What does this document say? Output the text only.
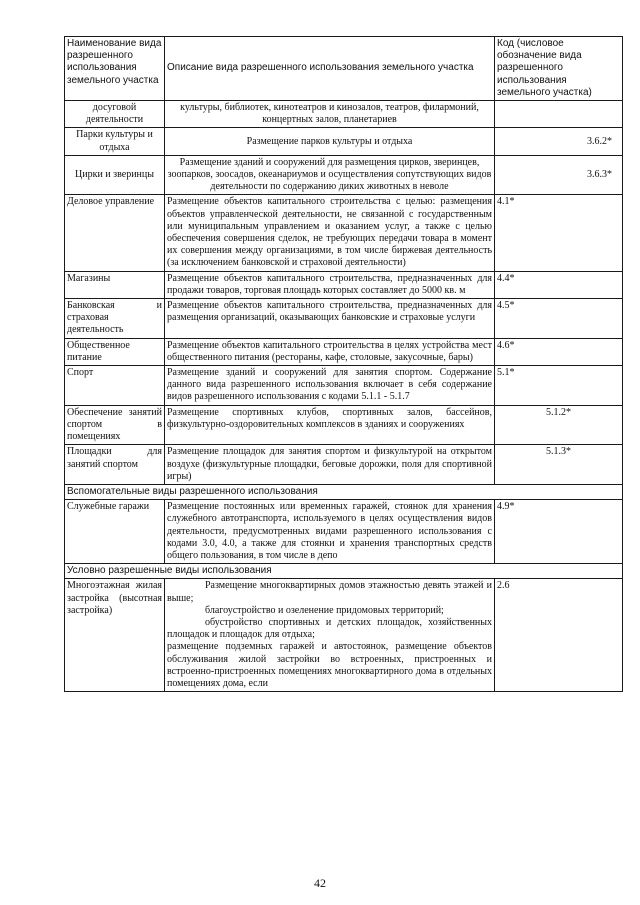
Наименование вида разрешенного использования земельного участка	Описание вида разрешенного использования земельного участка	Код (числовое обозначение вида разрешенного использования земельного участка)
досуговой деятельности	культуры, библиотек, кинотеатров и кинозалов, театров, филармоний, концертных залов, планетариев	
Парки культуры и отдыха	Размещение парков культуры и отдыха	3.6.2*
Цирки и зверинцы	Размещение зданий и сооружений для размещения цирков, зверинцев, зоопарков, зоосадов, океанариумов и осуществления сопутствующих видов деятельности по содержанию диких животных в неволе	3.6.3*
Деловое управление	Размещение объектов капитального строительства с целью: размещения объектов управленческой деятельности, не связанной с государственным или муниципальным управлением и оказанием услуг, а также с целью обеспечения совершения сделок, не требующих передачи товара в момент их совершения между организациями, в том числе биржевая деятельность (за исключением банковской и страховой деятельности)	4.1*
Магазины	Размещение объектов капитального строительства, предназначенных для продажи товаров, торговая площадь которых составляет до 5000 кв. м	4.4*
Банковская и страховая деятельность	Размещение объектов капитального строительства, предназначенных для размещения организаций, оказывающих банковские и страховые услуги	4.5*
Общественное питание	Размещение объектов капитального строительства в целях устройства мест общественного питания (рестораны, кафе, столовые, закусочные, бары)	4.6*
Спорт	Размещение зданий и сооружений для занятия спортом. Содержание данного вида разрешенного использования включает в себя содержание видов разрешенного использования с кодами 5.1.1 - 5.1.7	5.1*
Обеспечение занятий спортом в помещениях	Размещение спортивных клубов, спортивных залов, бассейнов, физкультурно-оздоровительных комплексов в зданиях и сооружениях	5.1.2*
Площадки для занятий спортом	Размещение площадок для занятия спортом и физкультурой на открытом воздухе (физкультурные площадки, беговые дорожки, поля для спортивной игры)	5.1.3*
Вспомогательные виды разрешенного использования		
Служебные гаражи	Размещение постоянных или временных гаражей, стоянок для хранения служебного автотранспорта, используемого в целях осуществления видов деятельности, предусмотренных видами разрешенного использования с кодами 3.0, 4.0, а также для стоянки и хранения транспортных средств общего пользования, в том числе в депо	4.9*
Условно разрешенные виды использования		
Многоэтажная жилая застройка (высотная застройка)	Размещение многоквартирных домов этажностью девять этажей и выше;
благоустройство и озеленение придомовых территорий;
обустройство спортивных и детских площадок, хозяйственных площадок и площадок для отдыха;
размещение подземных гаражей и автостоянок, размещение объектов обслуживания жилой застройки во встроенных, пристроенных и встроенно-пристроенных помещениях многоквартирного дома в отдельных помещениях дома, если	2.6
42
